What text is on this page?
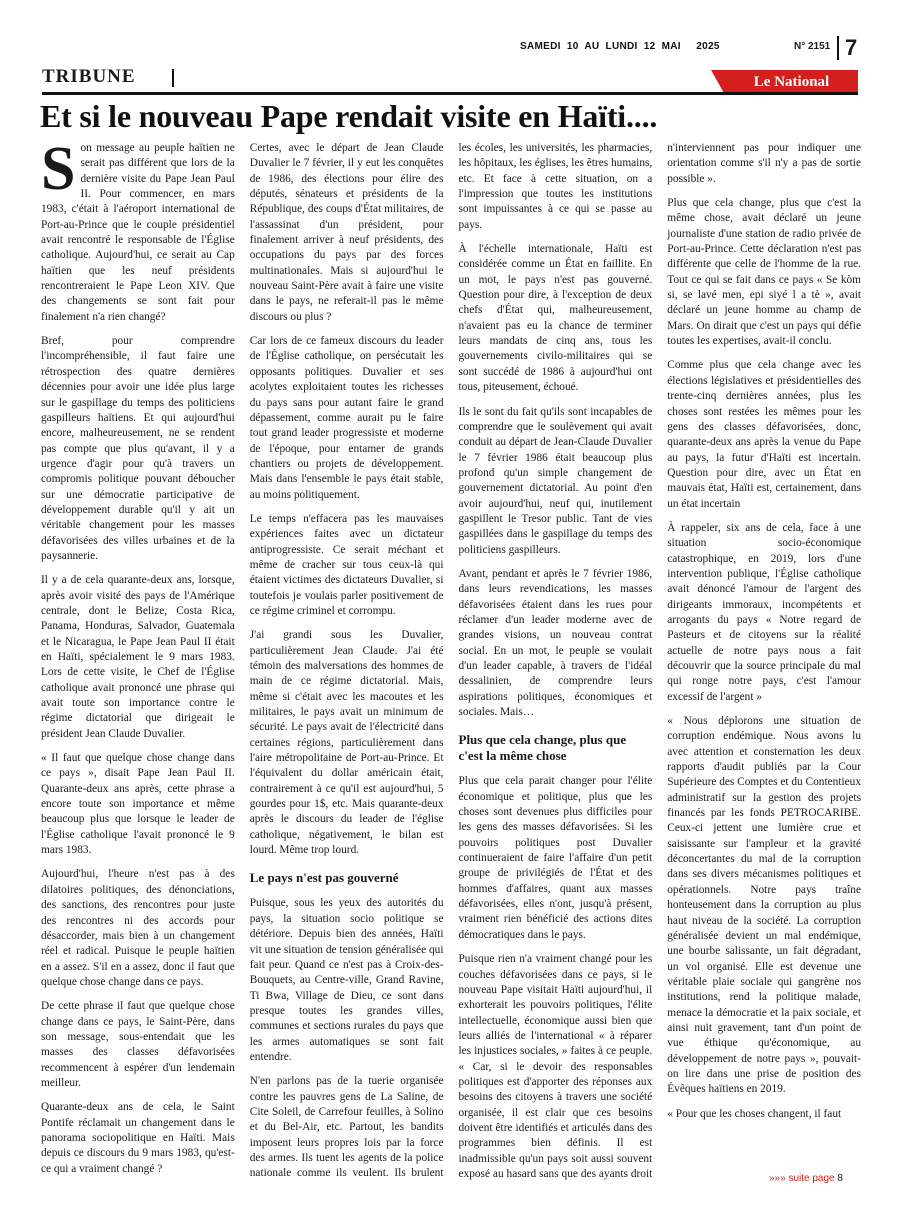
SAMEDI  10  AU  LUNDI  12  MAI     2025	N° 2151 7
TRIBUNE	Le National
Et si le nouveau Pape rendait visite en Haïti....

Son message au peuple haïtien ne serait pas différent que lors de la dernière visite du Pape Jean Paul II. Pour commencer, en mars 1983, c'était à l'aéroport international de Port-au-Prince que le couple présidentiel avait rencontré le responsable de l'Église catholique. Aujourd'hui, ce serait au Cap haïtien que les neuf présidents rencontreraient le Pape Leon XIV. Que des changements se sont fait pour finalement n'a rien changé?

Bref, pour comprendre l'incompréhensible, il faut faire une rétrospection des quatre dernières décennies pour avoir une idée plus large sur le gaspillage du temps des politiciens gaspilleurs haïtiens. Et qui aujourd'hui encore, malheureusement, ne se rendent pas compte que plus qu'avant, il y a urgence d'agir pour qu'à travers un compromis politique pouvant déboucher sur une démocratie participative de développement durable qu'il y ait un véritable changement pour les masses défavorisées des villes urbaines et de la paysannerie.

Il y a de cela quarante-deux ans, lorsque, après avoir visité des pays de l'Amérique centrale, dont le Belize, Costa Rica, Panama, Honduras, Salvador, Guatemala et le Nicaragua, le Pape Jean Paul II était en Haïti, spécialement le 9 mars 1983. Lors de cette visite, le Chef de l'Église catholique avait prononcé une phrase qui avait toute son importance contre le régime dictatorial que dirigeait le président Jean Claude Duvalier.

« Il faut que quelque chose change dans ce pays », disait Pape Jean Paul II. Quarante-deux ans après, cette phrase a encore toute son importance et même beaucoup plus que lorsque le leader de l'Église catholique l'avait prononcé le 9 mars 1983.

Aujourd'hui, l'heure n'est pas à des dilatoires politiques, des dénonciations, des sanctions, des rencontres pour juste des rencontres ni des accords pour désaccorder, mais bien à un changement réel et radical. Puisque le peuple haïtien en a assez. S'il en a assez, donc il faut que quelque chose change dans ce pays.

De cette phrase il faut que quelque chose change dans ce pays, le Saint-Père, dans son message, sous-entendait que les masses des classes défavorisées recommencent à espérer d'un lendemain meilleur.

Quarante-deux ans de cela, le Saint Pontife réclamait un changement dans le panorama sociopolitique en Haïti. Mais depuis ce discours du 9 mars 1983, qu'est-ce qui a vraiment changé ?

Certes, avec le départ de Jean Claude Duvalier le 7 février, il y eut les conquêtes de 1986, des élections pour élire des députés, sénateurs et présidents de la République, des coups d'État militaires, de l'assassinat d'un président, pour finalement arriver à neuf présidents, des occupations du pays par des forces multinationales. Mais si aujourd'hui le nouveau Saint-Père avait à faire une visite dans le pays, ne referait-il pas le même discours ou plus ?

Car lors de ce fameux discours du leader de l'Église catholique, on persécutait les opposants politiques. Duvalier et ses acolytes exploitaient toutes les richesses du pays sans pour autant faire le grand dépassement, comme aurait pu le faire tout grand leader progressiste et moderne de l'époque, pour entamer de grands chantiers ou projets de développement. Mais dans l'ensemble le pays était stable, au moins politiquement.

Le temps n'effacera pas les mauvaises expériences faites avec un dictateur antiprogressiste. Ce serait méchant et même de cracher sur tous ceux-là qui étaient victimes des dictateurs Duvalier, si toutefois je voulais parler positivement de ce régime criminel et corrompu.

J'ai grandi sous les Duvalier, particulièrement Jean Claude. J'ai été témoin des malversations des hommes de main de ce régime dictatorial. Mais, même si c'était avec les macoutes et les militaires, le pays avait un minimum de sécurité. Le pays avait de l'électricité dans certaines régions, particulièrement dans l'aire métropolitaine de Port-au-Prince. Et l'équivalent du dollar américain était, contrairement à ce qu'il est aujourd'hui, 5 gourdes pour 1$, etc. Mais quarante-deux après le discours du leader de l'église catholique, négativement, le bilan est lourd. Même trop lourd.

Le pays n'est pas gouverné

Puisque, sous les yeux des autorités du pays, la situation socio politique se détériore. Depuis bien des années, Haïti vit une situation de tension généralisée qui fait peur. Quand ce n'est pas à Croix-des-Bouquets, au Centre-ville, Grand Ravine, Ti Bwa, Village de Dieu, ce sont dans presque toutes les grandes villes, communes et sections rurales du pays que les armes automatiques se sont fait entendre.

N'en parlons pas de la tuerie organisée contre les pauvres gens de La Saline, de Cite Soleil, de Carrefour feuilles, à Solino et du Bel-Air, etc. Partout, les bandits imposent leurs propres lois par la force des armes. Ils tuent les agents de la police nationale comme ils veulent. Ils brulent les écoles, les universités, les pharmacies, les hôpitaux, les églises, les êtres humains, etc. Et face à cette situation, on a l'impression que toutes les institutions sont impuissantes à ce qui se passe au pays.

À l'échelle internationale, Haïti est considérée comme un État en faillite. En un mot, le pays n'est pas gouverné. Question pour dire, à l'exception de deux chefs d'État qui, malheureusement, n'avaient pas eu la chance de terminer leurs mandats de cinq ans, tous les gouvernements civilo-militaires qui se sont succédé de 1986 à aujourd'hui ont tous, piteusement, échoué.

Ils le sont du fait qu'ils sont incapables de comprendre que le soulèvement qui avait conduit au départ de Jean-Claude Duvalier le 7 février 1986 était beaucoup plus profond qu'un simple changement de gouvernement dictatorial. Au point d'en avoir aujourd'hui, neuf qui, inutilement gaspillent le Tresor public. Tant de vies gaspillées dans le gaspillage du temps des politiciens gaspilleurs.

Avant, pendant et après le 7 février 1986, dans leurs revendications, les masses défavorisées étaient dans les rues pour réclamer d'un leader moderne avec de grandes visions, un nouveau contrat social. En un mot, le peuple se voulait d'un leader capable, à travers de l'idéal dessalinien, de comprendre leurs aspirations politiques, économiques et sociales. Mais…

Plus que cela change, plus que c'est la même chose

Plus que cela parait changer pour l'élite économique et politique, plus que les choses sont devenues plus difficiles pour les gens des masses défavorisées. Si les pouvoirs politiques post Duvalier continueraient de faire l'affaire d'un petit groupe de privilégiés de l'État et des hommes d'affaires, quant aux masses défavorisées, elles n'ont, jusqu'à présent, vraiment rien bénéficié des actions dites démocratiques dans le pays.

Puisque rien n'a vraiment changé pour les couches défavorisées dans ce pays, si le nouveau Pape visitait Haïti aujourd'hui, il exhorterait les pouvoirs politiques, l'élite intellectuelle, économique aussi bien que leurs alliés de l'international « à réparer les injustices sociales, » faites à ce peuple. « Car, si le devoir des responsables politiques est d'apporter des réponses aux besoins des citoyens à travers une société organisée, il est clair que ces besoins doivent être identifiés et articulés dans des programmes bien définis. Il est inadmissible qu'un pays soit aussi souvent exposé au hasard sans que des ayants droit n'interviennent pas pour indiquer une orientation comme s'il n'y a pas de sortie possible ».

Plus que cela change, plus que c'est la même chose, avait déclaré un jeune journaliste d'une station de radio privée de Port-au-Prince. Cette déclaration n'est pas différente que celle de l'homme de la rue. Tout ce qui se fait dans ce pays « Se kòm si, se lavé men, epi siyé l a tè », avait déclaré un jeune homme au champ de Mars. On dirait que c'est un pays qui défie toutes les expertises, avait-il conclu.

Comme plus que cela change avec les élections législatives et présidentielles des trente-cinq dernières années, plus les choses sont restées les mêmes pour les gens des classes défavorisées, donc, quarante-deux ans après la venue du Pape au pays, la futur d'Haïti est incertain. Question pour dire, avec un État en mauvais état, Haïti est, certainement, dans un état incertain

À rappeler, six ans de cela, face à une situation socio-économique catastrophique, en 2019, lors d'une intervention publique, l'Église catholique avait dénoncé l'amour de l'argent des dirigeants immoraux, incompétents et arrogants du pays « Notre regard de Pasteurs et de citoyens sur la réalité actuelle de notre pays nous a fait découvrir que la source principale du mal qui ronge notre pays, c'est l'amour excessif de l'argent »

« Nous déplorons une situation de corruption endémique. Nous avons lu avec attention et consternation les deux rapports d'audit publiés par la Cour Supérieure des Comptes et du Contentieux administratif sur la gestion des projets financés par les fonds PETROCARIBE. Ceux-ci jettent une lumière crue et saisissante sur l'ampleur et la gravité déconcertantes du mal de la corruption dans ses divers mécanismes politiques et opérationnels. Notre pays traîne honteusement dans la corruption au plus haut niveau de la société. La corruption généralisée devient un mal endémique, une bourbe salissante, un fait dégradant, un vol organisé. Elle est devenue une véritable plaie sociale qui gangrène nos institutions, rend la politique malade, menace la démocratie et la paix sociale, et ainsi nuit gravement, tant d'un point de vue éthique qu'économique, au développement de notre pays », pouvait-on lire dans une prise de position des Évêques haïtiens en 2019.

« Pour que les choses changent, il faut

»»» suite page 8
